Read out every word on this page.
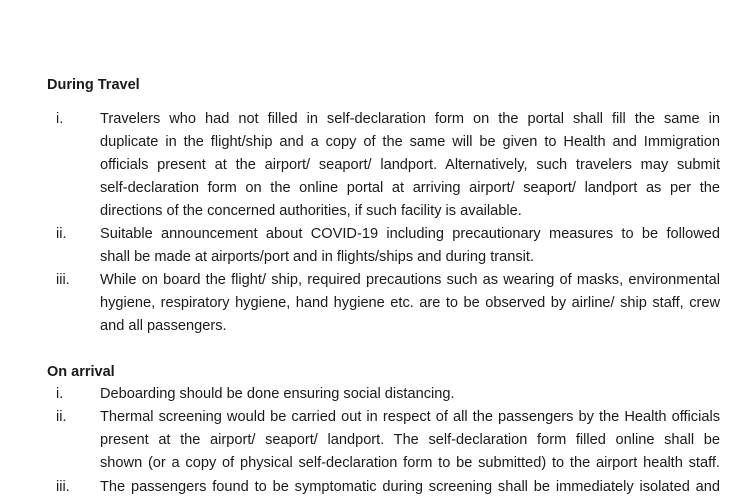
During Travel
i.	Travelers who had not filled in self-declaration form on the portal shall fill the same in
duplicate in the flight/ship and a copy of the same will be given to Health and Immigration
officials present at the airport/ seaport/ landport. Alternatively, such travelers may submit
self-declaration form on the online portal at arriving airport/ seaport/ landport as per the
directions of the concerned authorities, if such facility is available.
ii.	Suitable announcement about COVID-19 including precautionary measures to be followed
shall be made at airports/port and in flights/ships and during transit.
iii.	While on board the flight/ ship, required precautions such as wearing of masks, environmental
hygiene, respiratory hygiene, hand hygiene etc. are to be observed by airline/ ship staff, crew
and all passengers.
On arrival
i.	Deboarding should be done ensuring social distancing.
ii.	Thermal screening would be carried out in respect of all the passengers by the Health officials
present at the airport/ seaport/ landport. The self-declaration form filled online shall be
shown (or a copy of physical self-declaration form to be submitted) to the airport health staff.
iii.	The passengers found to be symptomatic during screening shall be immediately isolated and
